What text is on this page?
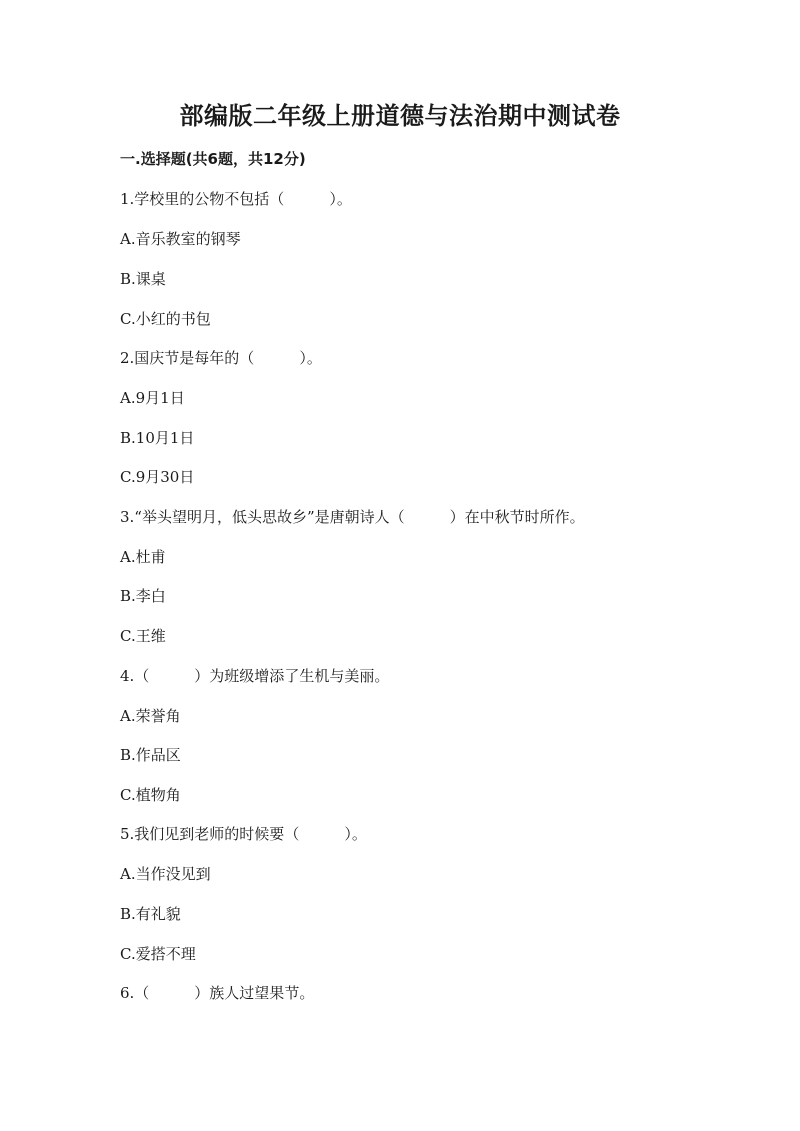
部编版二年级上册道德与法治期中测试卷
一.选择题(共6题，共12分)
1.学校里的公物不包括（　　　）。
A.音乐教室的钢琴
B.课桌
C.小红的书包
2.国庆节是每年的（　　　）。
A.9月1日
B.10月1日
C.9月30日
3.“举头望明月，低头思故乡”是唐朝诗人（　　　）在中秋节时所作。
A.杜甫
B.李白
C.王维
4.（　　　）为班级增添了生机与美丽。
A.荣誉角
B.作品区
C.植物角
5.我们见到老师的时候要（　　　）。
A.当作没见到
B.有礼貌
C.爱搭不理
6.（　　　）族人过望果节。
